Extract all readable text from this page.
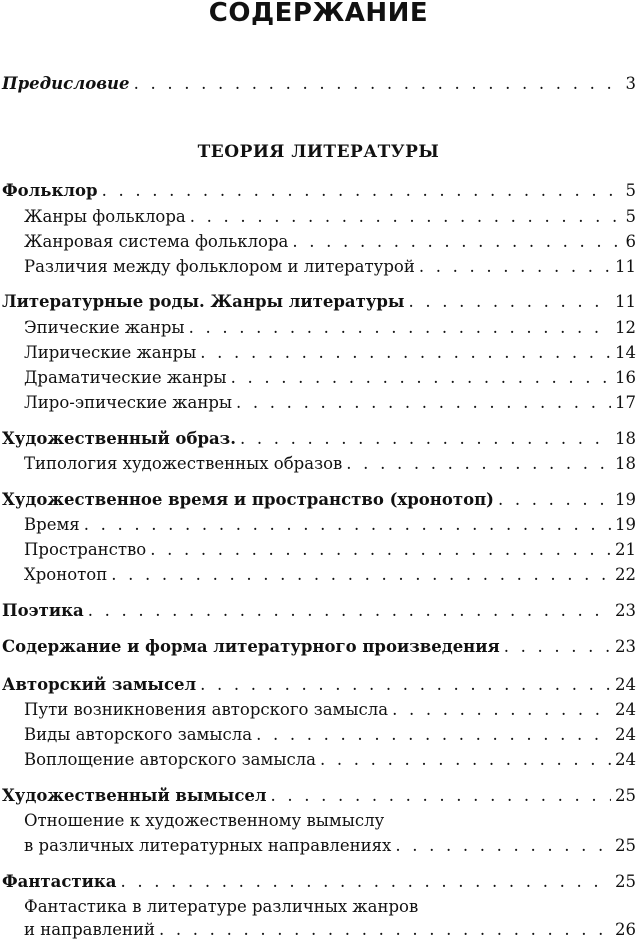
СОДЕРЖАНИЕ
Предисловие . . .	3
ТЕОРИЯ ЛИТЕРАТУРЫ
Фольклор . . .	5
Жанры фольклора . . .	5
Жанровая система фольклора . . .	6
Различия между фольклором и литературой . . .	11
Литературные роды. Жанры литературы . . .	11
Эпические жанры . . .	12
Лирические жанры . . .	14
Драматические жанры . . .	16
Лиро-эпические жанры . . .	17
Художественный образ. . . .	18
Типология художественных образов . . .	18
Художественное время и пространство (хронотоп) . . .	19
Время . . .	19
Пространство . . .	21
Хронотоп . . .	22
Поэтика . . .	23
Содержание и форма литературного произведения . . .	23
Авторский замысел . . .	24
Пути возникновения авторского замысла . . .	24
Виды авторского замысла . . .	24
Воплощение авторского замысла . . .	24
Художественный вымысел . . .	25
Отношение к художественному вымыслу
в различных литературных направлениях . . .	25
Фантастика . . .	25
Фантастика в литературе различных жанров
и направлений . . .	26
